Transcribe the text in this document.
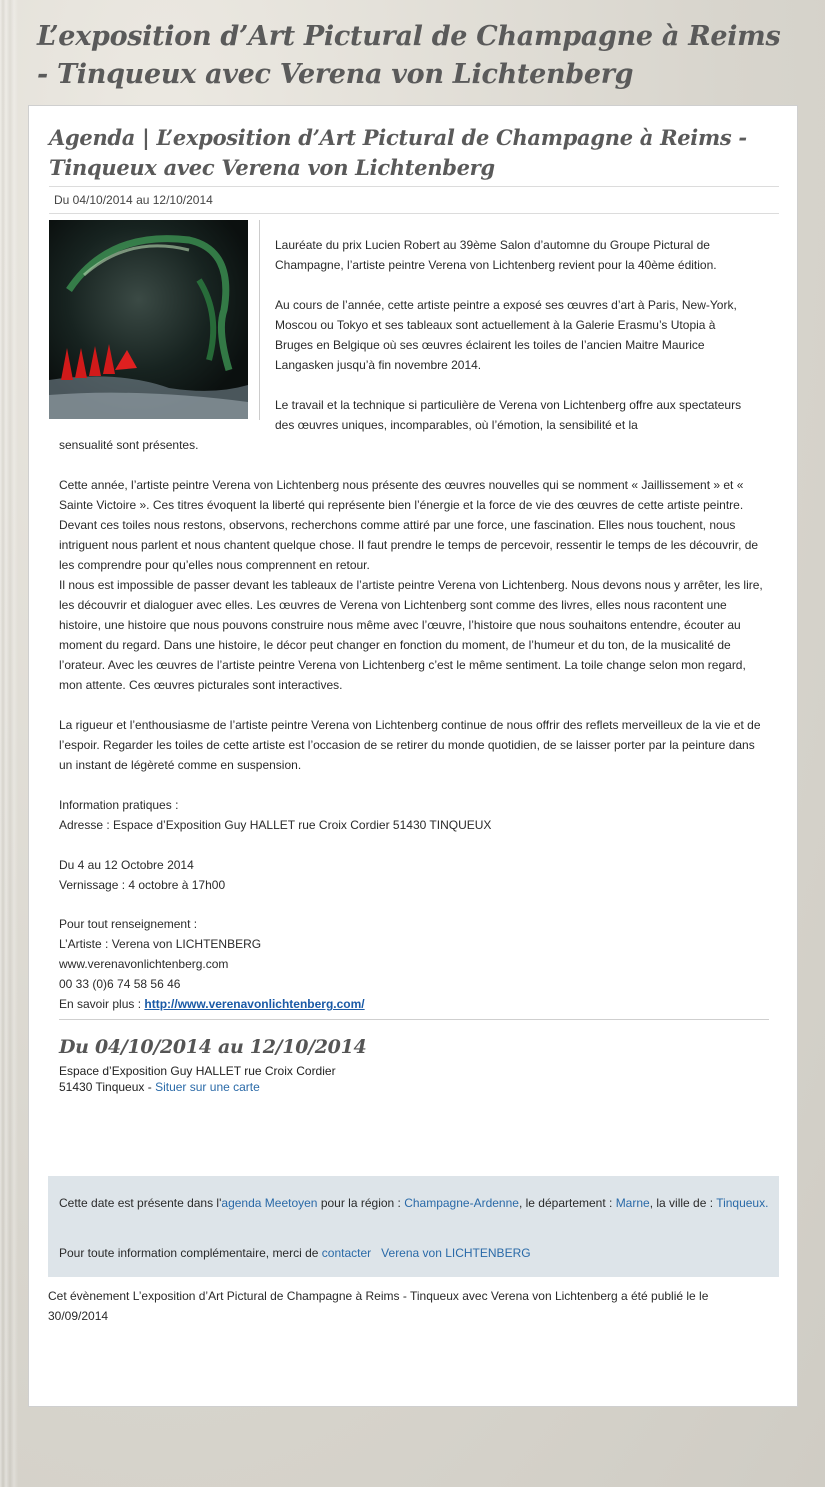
L’exposition d’Art Pictural de Champagne à Reims - Tinqueux avec Verena von Lichtenberg
Agenda | L’exposition d’Art Pictural de Champagne à Reims - Tinqueux avec Verena von Lichtenberg
Du 04/10/2014 au 12/10/2014

Lauréate du prix Lucien Robert au 39ème Salon d’automne du Groupe Pictural de Champagne, l’artiste peintre Verena von Lichtenberg revient pour la 40ème édition.

Au cours de l’année, cette artiste peintre a exposé ses œuvres d’art à Paris, New-York, Moscou ou Tokyo et ses tableaux sont actuellement à la Galerie Erasmu’s Utopia à Bruges en Belgique où ses œuvres éclairent les toiles de l’ancien Maitre Maurice Langasken jusqu’à fin novembre 2014.

Le travail et la technique si particulière de Verena von Lichtenberg offre aux spectateurs des œuvres uniques, incomparables, où l’émotion, la sensibilité et la

sensualité sont présentes.

Cette année, l’artiste peintre Verena von Lichtenberg nous présente des œuvres nouvelles qui se nomment « Jaillissement » et « Sainte Victoire ». Ces titres évoquent la liberté qui représente bien l’énergie et la force de vie des œuvres de cette artiste peintre. Devant ces toiles nous restons, observons, recherchons comme attiré par une force, une fascination. Elles nous touchent, nous intriguent nous parlent et nous chantent quelque chose. Il faut prendre le temps de percevoir, ressentir le temps de les découvrir, de les comprendre pour qu’elles nous comprennent en retour.

Il nous est impossible de passer devant les tableaux de l’artiste peintre Verena von Lichtenberg. Nous devons nous y arrêter, les lire, les découvrir et dialoguer avec elles. Les œuvres de Verena von Lichtenberg sont comme des livres, elles nous racontent une histoire, une histoire que nous pouvons construire nous même avec l’œuvre, l’histoire que nous souhaitons entendre, écouter au moment du regard. Dans une histoire, le décor peut changer en fonction du moment, de l’humeur et du ton, de la musicalité de l’orateur. Avec les œuvres de l’artiste peintre Verena von Lichtenberg c’est le même sentiment. La toile change selon mon regard, mon attente. Ces œuvres picturales sont interactives.

La rigueur et l’enthousiasme de l’artiste peintre Verena von Lichtenberg continue de nous offrir des reflets merveilleux de la vie et de l’espoir. Regarder les toiles de cette artiste est l’occasion de se retirer du monde quotidien, de se laisser porter par la peinture dans un instant de légèreté comme en suspension.

Information pratiques :
Adresse : Espace d’Exposition Guy HALLET rue Croix Cordier 51430 TINQUEUX
Du 4 au 12 Octobre 2014
Vernissage : 4 octobre à 17h00
Pour tout renseignement :
L’Artiste : Verena von LICHTENBERG
www.verenavonlichtenberg.com
00 33 (0)6 74 58 56 46
En savoir plus : http://www.verenavonlichtenberg.com/
Du 04/10/2014 au 12/10/2014
Espace d’Exposition Guy HALLET rue Croix Cordier
51430 Tinqueux - Situer sur une carte

Cette date est présente dans l'agenda Meetoyen pour la région : Champagne-Ardenne, le département : Marne, la ville de : Tinqueux.

Pour toute information complémentaire, merci de contacter Verena von LICHTENBERG

Cet évènement L’exposition d’Art Pictural de Champagne à Reims - Tinqueux avec Verena von Lichtenberg a été publié le le 30/09/2014
